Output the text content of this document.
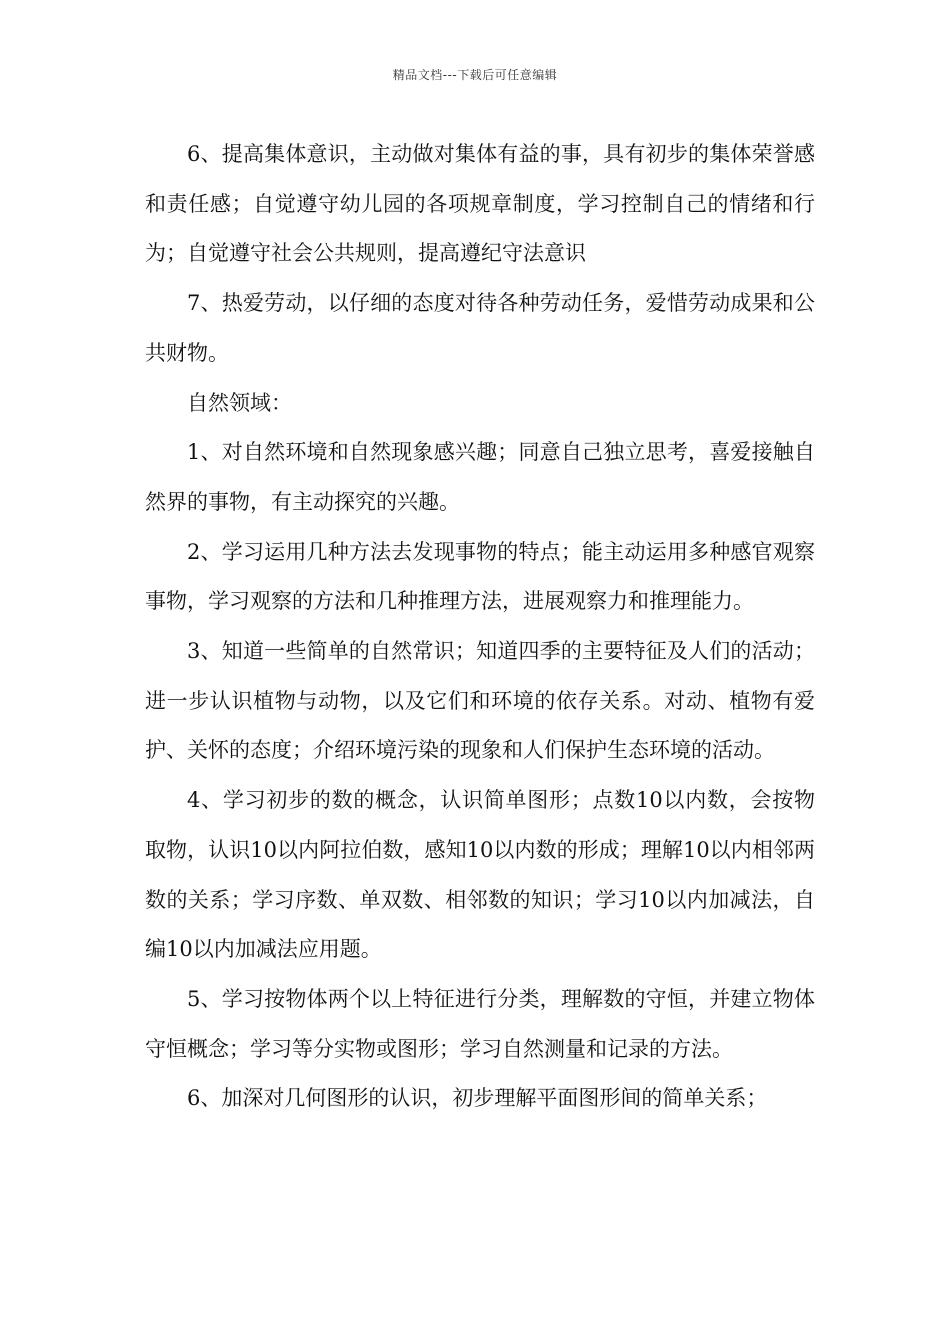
精品文档---下载后可任意编辑

6、提高集体意识，主动做对集体有益的事，具有初步的集体荣誉感和责任感；自觉遵守幼儿园的各项规章制度，学习控制自己的情绪和行为；自觉遵守社会公共规则，提高遵纪守法意识

7、热爱劳动，以仔细的态度对待各种劳动任务，爱惜劳动成果和公共财物。

自然领域：

1、对自然环境和自然现象感兴趣；同意自己独立思考，喜爱接触自然界的事物，有主动探究的兴趣。

2、学习运用几种方法去发现事物的特点；能主动运用多种感官观察事物，学习观察的方法和几种推理方法，进展观察力和推理能力。

3、知道一些简单的自然常识；知道四季的主要特征及人们的活动；进一步认识植物与动物，以及它们和环境的依存关系。对动、植物有爱护、关怀的态度；介绍环境污染的现象和人们保护生态环境的活动。

4、学习初步的数的概念，认识简单图形；点数10以内数，会按物取物，认识10以内阿拉伯数，感知10以内数的形成；理解10以内相邻两数的关系；学习序数、单双数、相邻数的知识；学习10以内加减法，自编10以内加减法应用题。

5、学习按物体两个以上特征进行分类，理解数的守恒，并建立物体守恒概念；学习等分实物或图形；学习自然测量和记录的方法。

6、加深对几何图形的认识，初步理解平面图形间的简单关系；
